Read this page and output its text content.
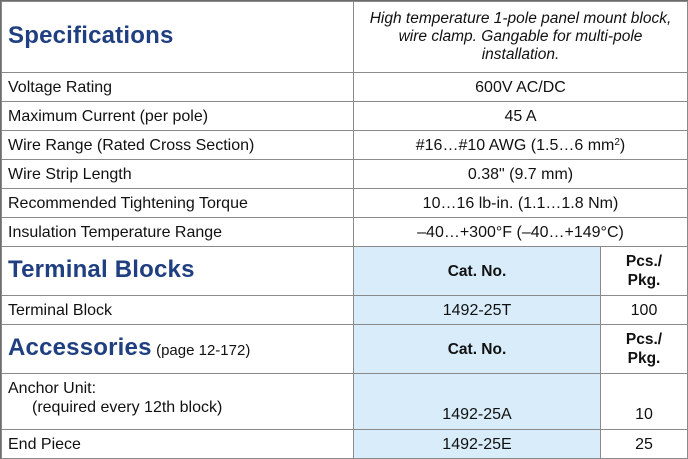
Specifications	High temperature 1-pole panel mount block, wire clamp. Gangable for multi-pole installation.	
Voltage Rating	600V AC/DC	
Maximum Current (per pole)	45 A	
Wire Range (Rated Cross Section)	#16…#10 AWG (1.5…6 $mm^2$)	
Wire Strip Length	0.38" (9.7 mm)	
Recommended Tightening Torque	10…16 lb-in. (1.1…1.8 Nm)	
Insulation Temperature Range	–40…+300°F (–40…+149°C)	
Terminal Blocks	Cat. No.	Pcs./
Pkg.
Terminal Block	1492-25T	100
Accessories (page 12-172)	Cat. No.	Pcs./
Pkg.
Anchor Unit:
(required every 12th block)	1492-25A	10
End Piece	1492-25E	25
